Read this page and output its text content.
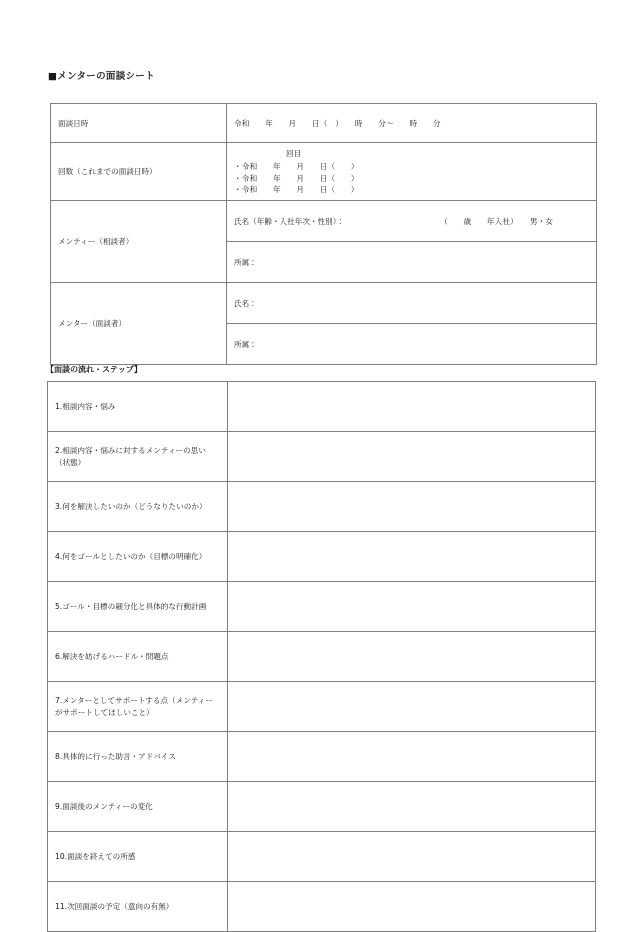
■メンターの面談シート
面談日時	令和　　年　　月　　日（　）　　時　　分～　　時　　分
回数（これまでの面談日時）	回目
・令和　　年　　月　　日（　　）
・令和　　年　　月　　日（　　）
・令和　　年　　月　　日（　　）

メンティー（相談者）	氏名（年齢・入社年次・性別）： （　　歳　　年入社）　　男・女

	所属：
メンター（面談者）	氏名：
	所属：
【面談の流れ・ステップ】
1.相談内容・悩み	
2.相談内容・悩みに対するメンティーの思い（状態）	
3.何を解決したいのか（どうなりたいのか）	
4.何をゴールとしたいのか（目標の明確化）	
5.ゴール・目標の細分化と具体的な行動計画	
6.解決を妨げるハードル・問題点	
7.メンターとしてサポートする点（メンティーがサポートしてほしいこと）	
8.具体的に行った助言・アドバイス	
9.面談後のメンティーの変化	
10.面談を終えての所感	
11.次回面談の予定（意向の有無）	
